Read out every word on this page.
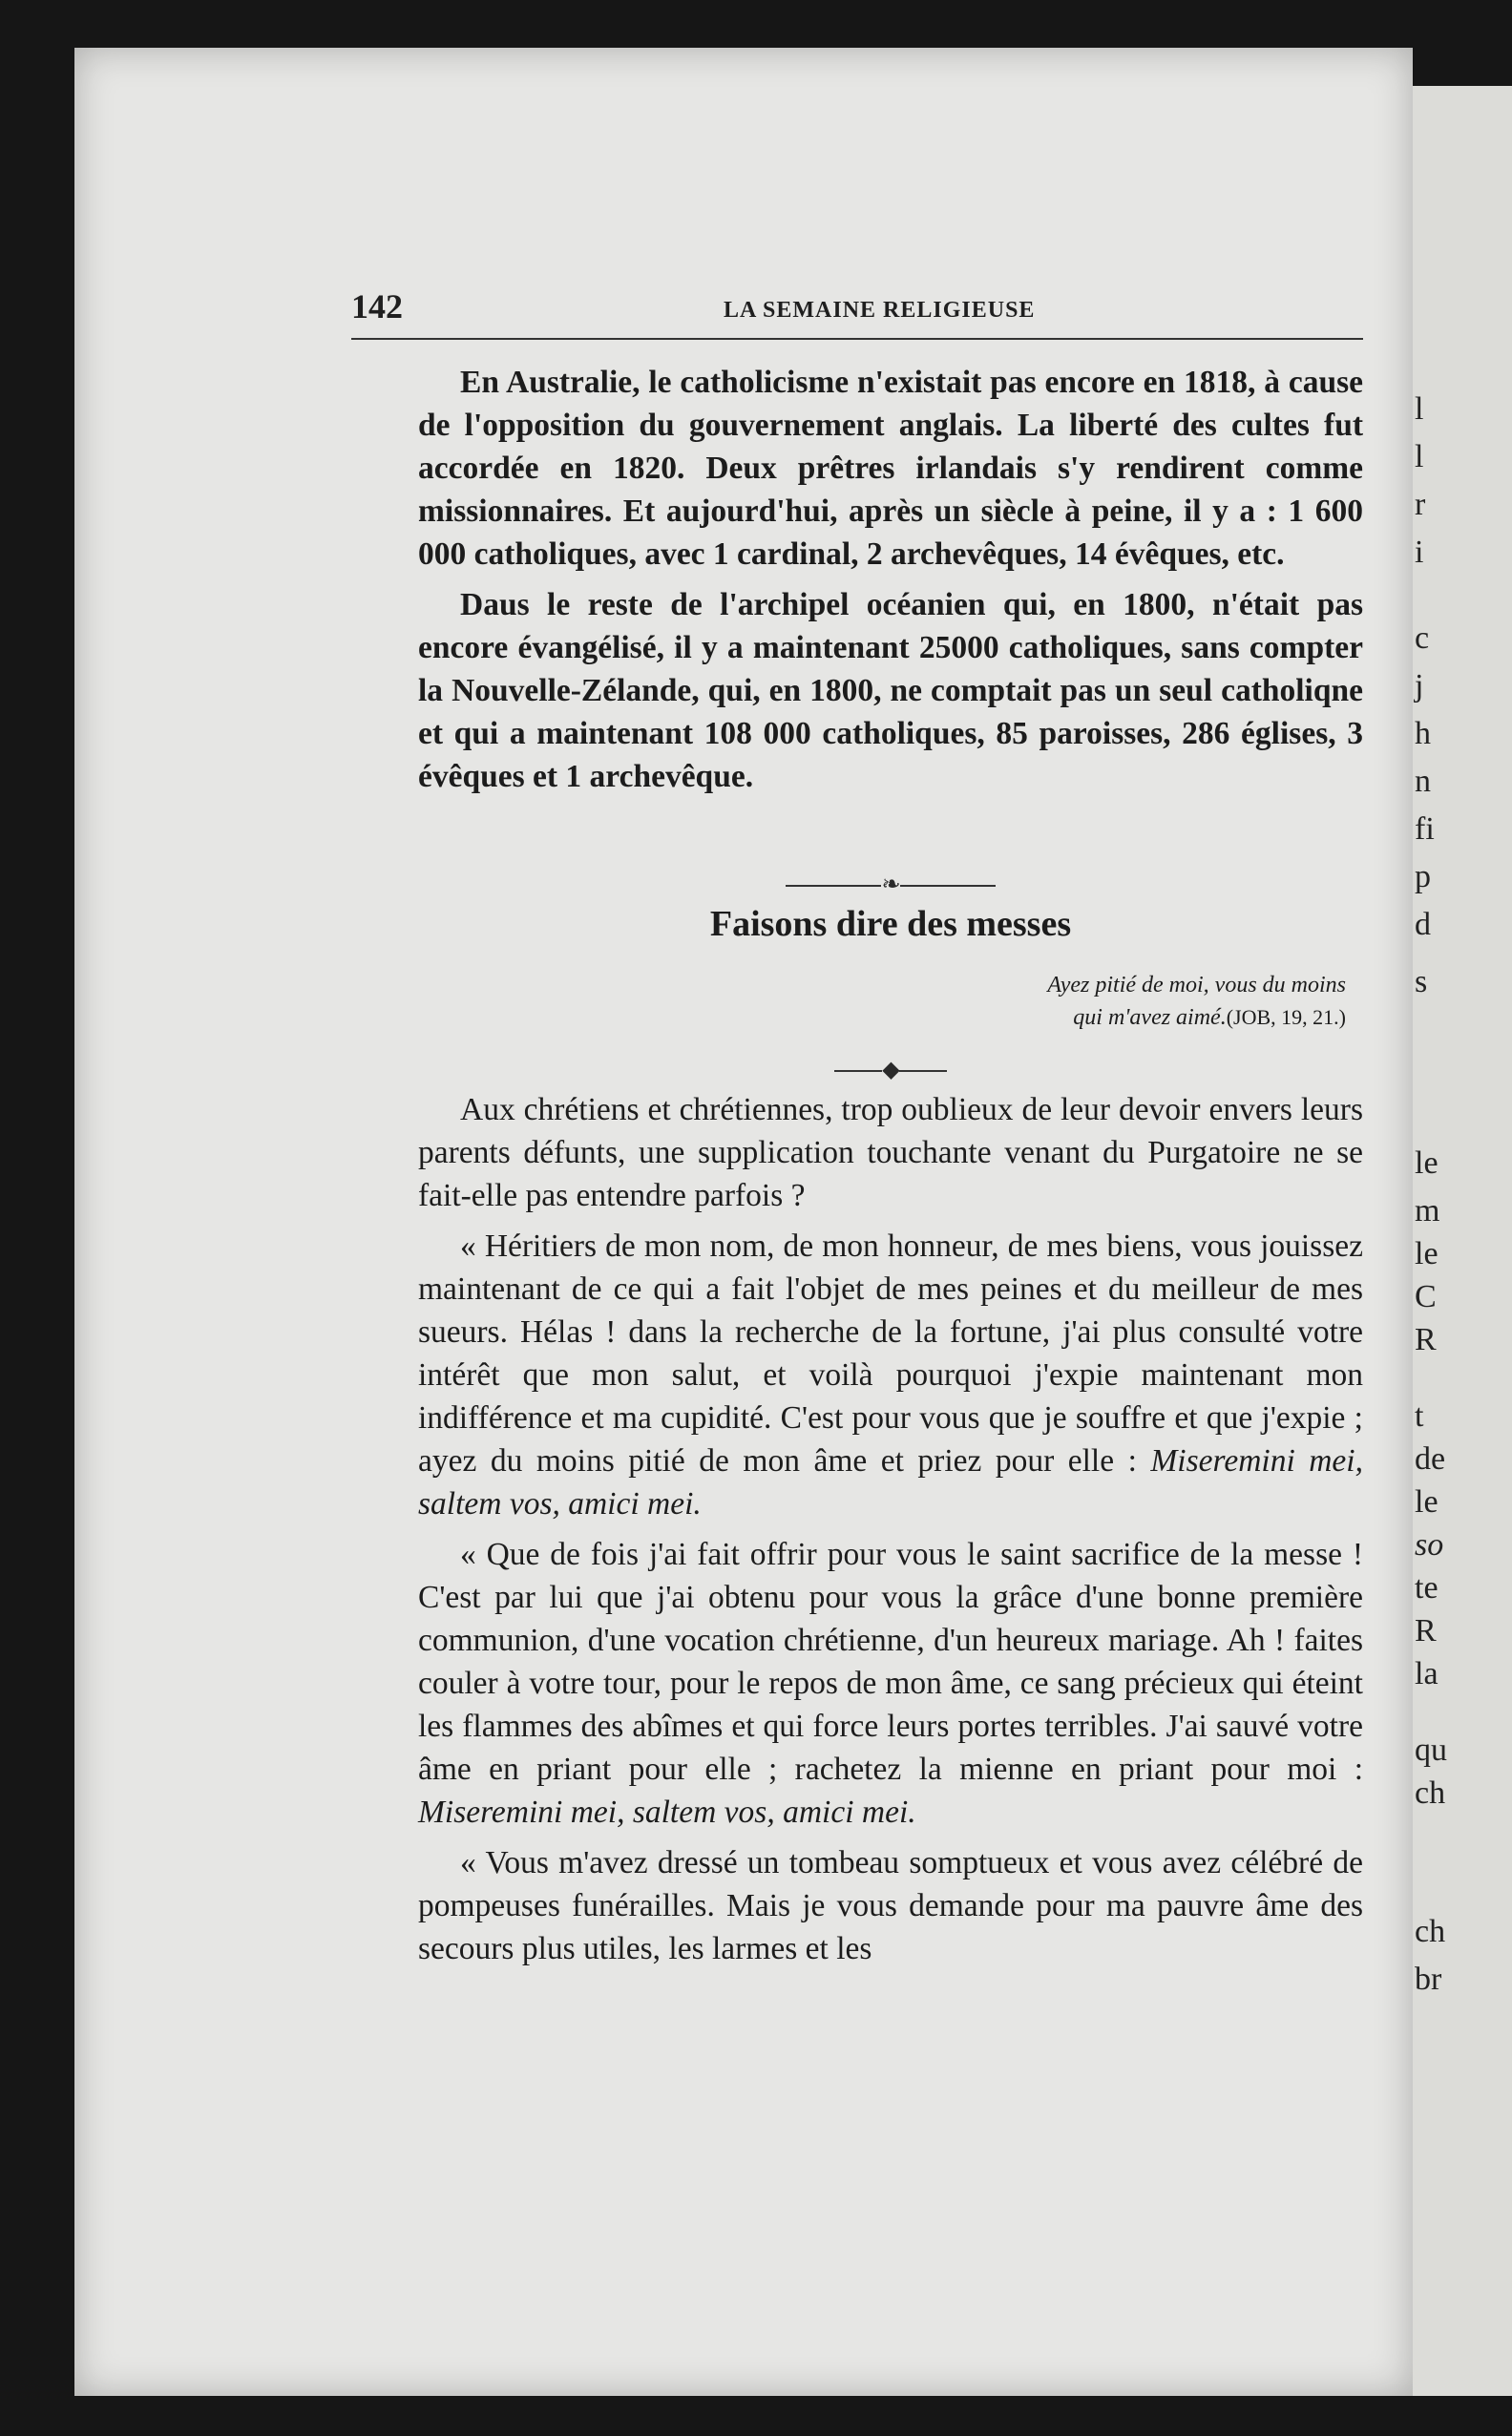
l
l
r
i
c
j
h
n
fi
p
d
s
le
m
le
C
R
t
de
le
so
te
R
la
qu
ch
ch
br
142	LA SEMAINE RELIGIEUSE

En Australie, le catholicisme n'existait pas encore en 1818, à cause de l'opposition du gouvernement anglais. La liberté des cultes fut accordée en 1820. Deux prêtres irlandais s'y rendirent comme missionnaires. Et aujourd'hui, après un siècle à peine, il y a : 1 600 000 catholiques, avec 1 cardinal, 2 archevêques, 14 évêques, etc.

Daus le reste de l'archipel océanien qui, en 1800, n'était pas encore évangélisé, il y a maintenant 25000 catholiques, sans compter la Nouvelle-Zélande, qui, en 1800, ne comptait pas un seul catholiqne et qui a maintenant 108 000 catholiques, 85 paroisses, 286 églises, 3 évêques et 1 archevêque.

❧
Faisons dire des messes
Ayez pitié de moi, vous du moins
qui m'avez aimé.(JOB, 19, 21.)
◆

Aux chrétiens et chrétiennes, trop oublieux de leur devoir envers leurs parents défunts, une supplication touchante venant du Purgatoire ne se fait-elle pas entendre parfois ?

« Héritiers de mon nom, de mon honneur, de mes biens, vous jouissez maintenant de ce qui a fait l'objet de mes peines et du meilleur de mes sueurs. Hélas ! dans la recherche de la fortune, j'ai plus consulté votre intérêt que mon salut, et voilà pourquoi j'expie maintenant mon indifférence et ma cupidité. C'est pour vous que je souffre et que j'expie ; ayez du moins pitié de mon âme et priez pour elle : Miseremini mei, saltem vos, amici mei.

« Que de fois j'ai fait offrir pour vous le saint sacrifice de la messe ! C'est par lui que j'ai obtenu pour vous la grâce d'une bonne première communion, d'une vocation chrétienne, d'un heureux mariage. Ah ! faites couler à votre tour, pour le repos de mon âme, ce sang précieux qui éteint les flammes des abîmes et qui force leurs portes terribles. J'ai sauvé votre âme en priant pour elle ; rachetez la mienne en priant pour moi : Miseremini mei, saltem vos, amici mei.

« Vous m'avez dressé un tombeau somptueux et vous avez célébré de pompeuses funérailles. Mais je vous demande pour ma pauvre âme des secours plus utiles, les larmes et les
